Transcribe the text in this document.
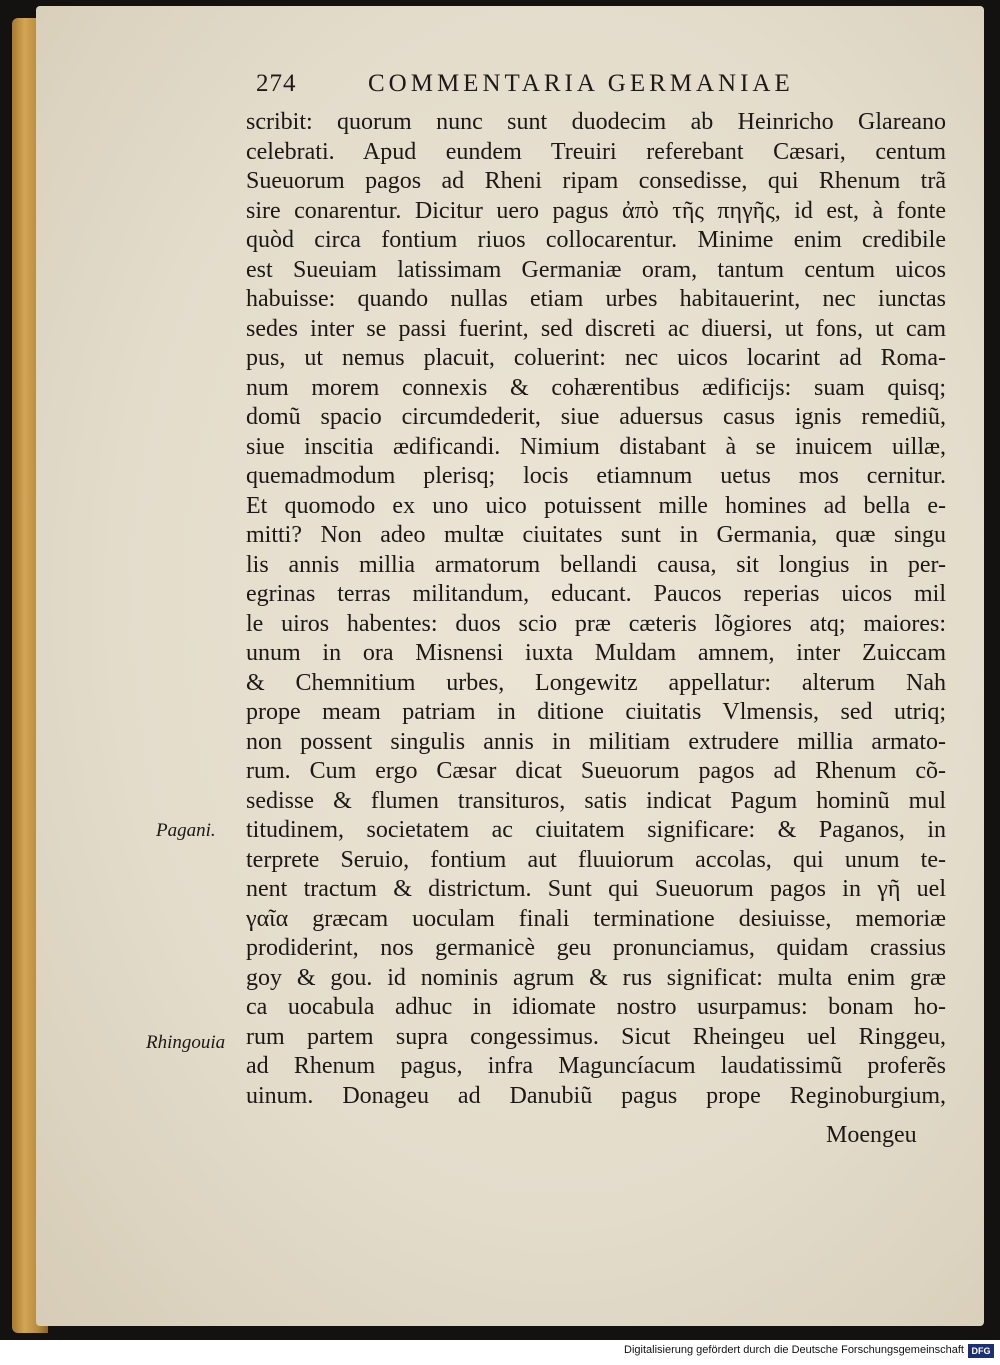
274	COMMENTARIA GERMANIAE
Pagani.
Rhingouia
scribit: quorum nunc sunt duodecim ab Heinricho Glareano
celebrati. Apud eundem Treuiri referebant Cæsari, centum
Sueuorum pagos ad Rheni ripam consedisse, qui Rhenum trã
sire conarentur. Dicitur uero pagus ἀπὸ τῆς πηγῆς, id est, à fonte
quòd circa fontium riuos collocarentur. Minime enim credibile
est Sueuiam latissimam Germaniæ oram, tantum centum uicos
habuisse: quando nullas etiam urbes habitauerint, nec iunctas
sedes inter se passi fuerint, sed discreti ac diuersi, ut fons, ut cam
pus, ut nemus placuit, coluerint: nec uicos locarint ad Roma-
num morem connexis & cohærentibus ædificijs: suam quisq;
domũ spacio circumdederit, siue aduersus casus ignis remediũ,
siue inscitia ædificandi. Nimium distabant à se inuicem uillæ,
quemadmodum plerisq; locis etiamnum uetus mos cernitur.
Et quomodo ex uno uico potuissent mille homines ad bella e-
mitti? Non adeo multæ ciuitates sunt in Germania, quæ singu
lis annis millia armatorum bellandi causa, sit longius in per-
egrinas terras militandum, educant. Paucos reperias uicos mil
le uiros habentes: duos scio præ cæteris lõgiores atq; maiores:
unum in ora Misnensi iuxta Muldam amnem, inter Zuiccam
& Chemnitium urbes, Longewitz appellatur: alterum Nah
prope meam patriam in ditione ciuitatis Vlmensis, sed utriq;
non possent singulis annis in militiam extrudere millia armato-
rum. Cum ergo Cæsar dicat Sueuorum pagos ad Rhenum cõ-
sedisse & flumen transituros, satis indicat Pagum hominũ mul
titudinem, societatem ac ciuitatem significare: & Paganos, in
terprete Seruio, fontium aut fluuiorum accolas, qui unum te-
nent tractum & districtum. Sunt qui Sueuorum pagos in γῆ uel
γαῖα græcam uoculam finali terminatione desiuisse, memoriæ
prodiderint, nos germanicè geu pronunciamus, quidam crassius
goy & gou. id nominis agrum & rus significat: multa enim græ
ca uocabula adhuc in idiomate nostro usurpamus: bonam ho-
rum partem supra congessimus. Sicut Rheingeu uel Ringgeu,
ad Rhenum pagus, infra Maguncíacum laudatissimũ proferẽs
uinum. Donageu ad Danubiũ pagus prope Reginoburgium,
Moengeu
Digitalisierung gefördert durch die Deutsche Forschungsgemeinschaft DFG
